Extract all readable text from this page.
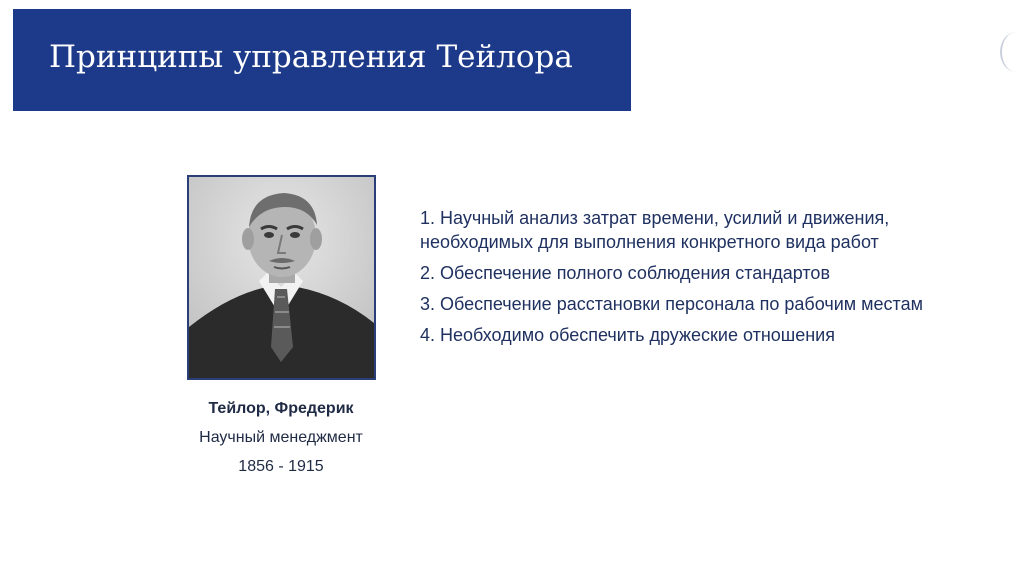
Принципы управления Тейлора
Тейлор, Фредерик
Научный менеджмент
1856 - 1915
1. Научный анализ затрат времени, усилий и движения,
необходимых для выполнения конкретного вида работ
2. Обеспечение полного соблюдения стандартов
3. Обеспечение расстановки персонала по рабочим местам
4. Необходимо обеспечить дружеские отношения
